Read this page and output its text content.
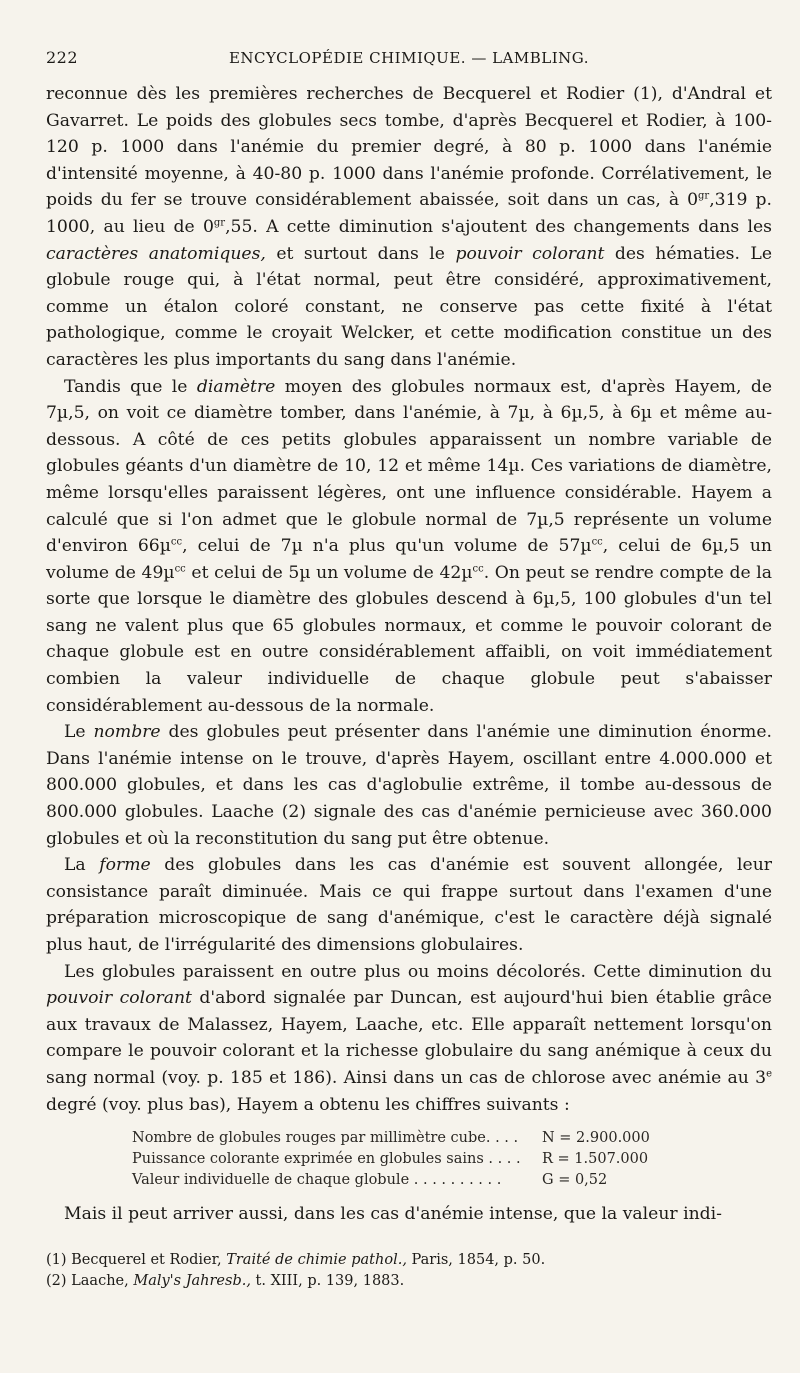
222	ENCYCLOPÉDIE CHIMIQUE. — LAMBLING.

reconnue dès les premières recherches de Becquerel et Rodier (1), d'Andral et Gavarret. Le poids des globules secs tombe, d'après Becquerel et Rodier, à 100-120 p. 1000 dans l'anémie du premier degré, à 80 p. 1000 dans l'anémie d'intensité moyenne, à 40-80 p. 1000 dans l'anémie profonde. Corrélativement, le poids du fer se trouve considérablement abaissée, soit dans un cas, à $0^{gr},319$ p. 1000, au lieu de $0^{gr},55$. A cette diminution s'ajoutent des changements dans les caractères anatomiques, et surtout dans le pouvoir colorant des hématies. Le globule rouge qui, à l'état normal, peut être considéré, approximativement, comme un étalon coloré constant, ne conserve pas cette fixité à l'état pathologique, comme le croyait Welcker, et cette modification constitue un des caractères les plus importants du sang dans l'anémie.

Tandis que le diamètre moyen des globules normaux est, d'après Hayem, de 7µ,5, on voit ce diamètre tomber, dans l'anémie, à 7µ, à 6µ,5, à 6µ et même au-dessous. A côté de ces petits globules apparaissent un nombre variable de globules géants d'un diamètre de 10, 12 et même 14µ. Ces variations de diamètre, même lorsqu'elles paraissent légères, ont une influence considérable. Hayem a calculé que si l'on admet que le globule normal de 7µ,5 représente un volume d'environ 66µ$^{cc}$, celui de 7µ n'a plus qu'un volume de 57µ$^{cc}$, celui de 6µ,5 un volume de 49µ$^{cc}$ et celui de 5µ un volume de 42µ$^{cc}$. On peut se rendre compte de la sorte que lorsque le diamètre des globules descend à 6µ,5, 100 globules d'un tel sang ne valent plus que 65 globules normaux, et comme le pouvoir colorant de chaque globule est en outre considérablement affaibli, on voit immédiatement combien la valeur individuelle de chaque globule peut s'abaisser considérablement au-dessous de la normale.

Le nombre des globules peut présenter dans l'anémie une diminution énorme. Dans l'anémie intense on le trouve, d'après Hayem, oscillant entre 4.000.000 et 800.000 globules, et dans les cas d'aglobulie extrême, il tombe au-dessous de 800.000 globules. Laache (2) signale des cas d'anémie pernicieuse avec 360.000 globules et où la reconstitution du sang put être obtenue.

La forme des globules dans les cas d'anémie est souvent allongée, leur consistance paraît diminuée. Mais ce qui frappe surtout dans l'examen d'une préparation microscopique de sang d'anémique, c'est le caractère déjà signalé plus haut, de l'irrégularité des dimensions globulaires.

Les globules paraissent en outre plus ou moins décolorés. Cette diminution du pouvoir colorant d'abord signalée par Duncan, est aujourd'hui bien établie grâce aux travaux de Malassez, Hayem, Laache, etc. Elle apparaît nettement lorsqu'on compare le pouvoir colorant et la richesse globulaire du sang anémique à ceux du sang normal (voy. p. 185 et 186). Ainsi dans un cas de chlorose avec anémie au 3e degré (voy. plus bas), Hayem a obtenu les chiffres suivants :

Nombre de globules rouges par millimètre cube. . . .	N = 2.900.000
Puissance colorante exprimée en globules sains . . . .	R = 1.507.000
Valeur individuelle de chaque globule . . . . . . . . . .	G = 0,52

Mais il peut arriver aussi, dans les cas d'anémie intense, que la valeur indi-

(1) Becquerel et Rodier, Traité de chimie pathol., Paris, 1854, p. 50.
(2) Laache, Maly's Jahresb., t. XIII, p. 139, 1883.
